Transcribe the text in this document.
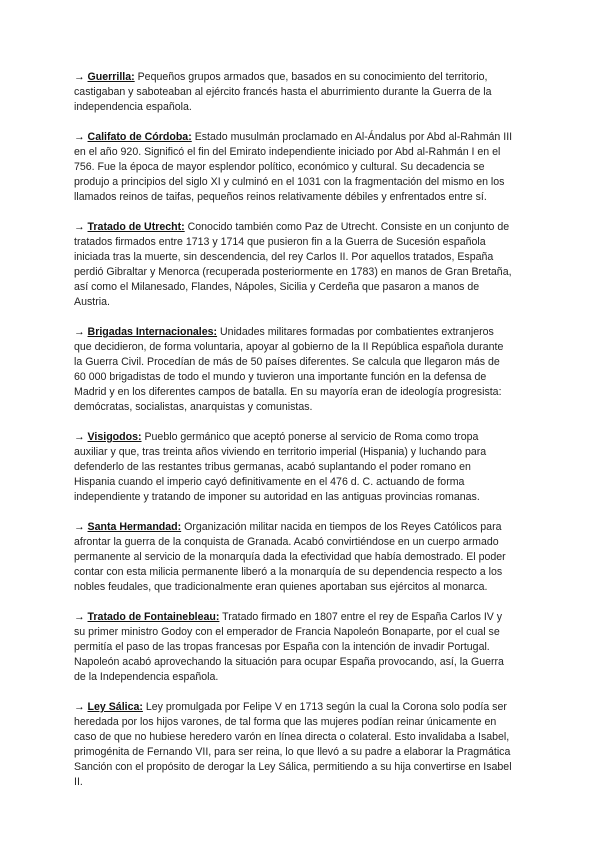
→ Guerrilla: Pequeños grupos armados que, basados en su conocimiento del territorio, castigaban y saboteaban al ejército francés hasta el aburrimiento durante la Guerra de la independencia española.

→ Califato de Córdoba: Estado musulmán proclamado en Al-Ándalus por Abd al-Rahmán III en el año 920. Significó el fin del Emirato independiente iniciado por Abd al-Rahmán I en el 756. Fue la época de mayor esplendor político, económico y cultural. Su decadencia se produjo a principios del siglo XI y culminó en el 1031 con la fragmentación del mismo en los llamados reinos de taifas, pequeños reinos relativamente débiles y enfrentados entre sí.

→ Tratado de Utrecht: Conocido también como Paz de Utrecht. Consiste en un conjunto de tratados firmados entre 1713 y 1714 que pusieron fin a la Guerra de Sucesión española iniciada tras la muerte, sin descendencia, del rey Carlos II. Por aquellos tratados, España perdió Gibraltar y Menorca (recuperada posteriormente en 1783) en manos de Gran Bretaña, así como el Milanesado, Flandes, Nápoles, Sicilia y Cerdeña que pasaron a manos de Austria.

→ Brigadas Internacionales: Unidades militares formadas por combatientes extranjeros que decidieron, de forma voluntaria, apoyar al gobierno de la II República española durante la Guerra Civil. Procedían de más de 50 países diferentes. Se calcula que llegaron más de 60 000 brigadistas de todo el mundo y tuvieron una importante función en la defensa de Madrid y en los diferentes campos de batalla. En su mayoría eran de ideología progresista: demócratas, socialistas, anarquistas y comunistas.

→ Visigodos: Pueblo germánico que aceptó ponerse al servicio de Roma como tropa auxiliar y que, tras treinta años viviendo en territorio imperial (Hispania) y luchando para defenderlo de las restantes tribus germanas, acabó suplantando el poder romano en Hispania cuando el imperio cayó definitivamente en el 476 d. C. actuando de forma independiente y tratando de imponer su autoridad en las antiguas provincias romanas.

→ Santa Hermandad: Organización militar nacida en tiempos de los Reyes Católicos para afrontar la guerra de la conquista de Granada. Acabó convirtiéndose en un cuerpo armado permanente al servicio de la monarquía dada la efectividad que había demostrado. El poder contar con esta milicia permanente liberó a la monarquía de su dependencia respecto a los nobles feudales, que tradicionalmente eran quienes aportaban sus ejércitos al monarca.

→ Tratado de Fontainebleau: Tratado firmado en 1807 entre el rey de España Carlos IV y su primer ministro Godoy con el emperador de Francia Napoleón Bonaparte, por el cual se permitía el paso de las tropas francesas por España con la intención de invadir Portugal. Napoleón acabó aprovechando la situación para ocupar España provocando, así, la Guerra de la Independencia española.

→ Ley Sálica: Ley promulgada por Felipe V en 1713 según la cual la Corona solo podía ser heredada por los hijos varones, de tal forma que las mujeres podían reinar únicamente en caso de que no hubiese heredero varón en línea directa o colateral. Esto invalidaba a Isabel, primogénita de Fernando VII, para ser reina, lo que llevó a su padre a elaborar la Pragmática Sanción con el propósito de derogar la Ley Sálica, permitiendo a su hija convertirse en Isabel II.
